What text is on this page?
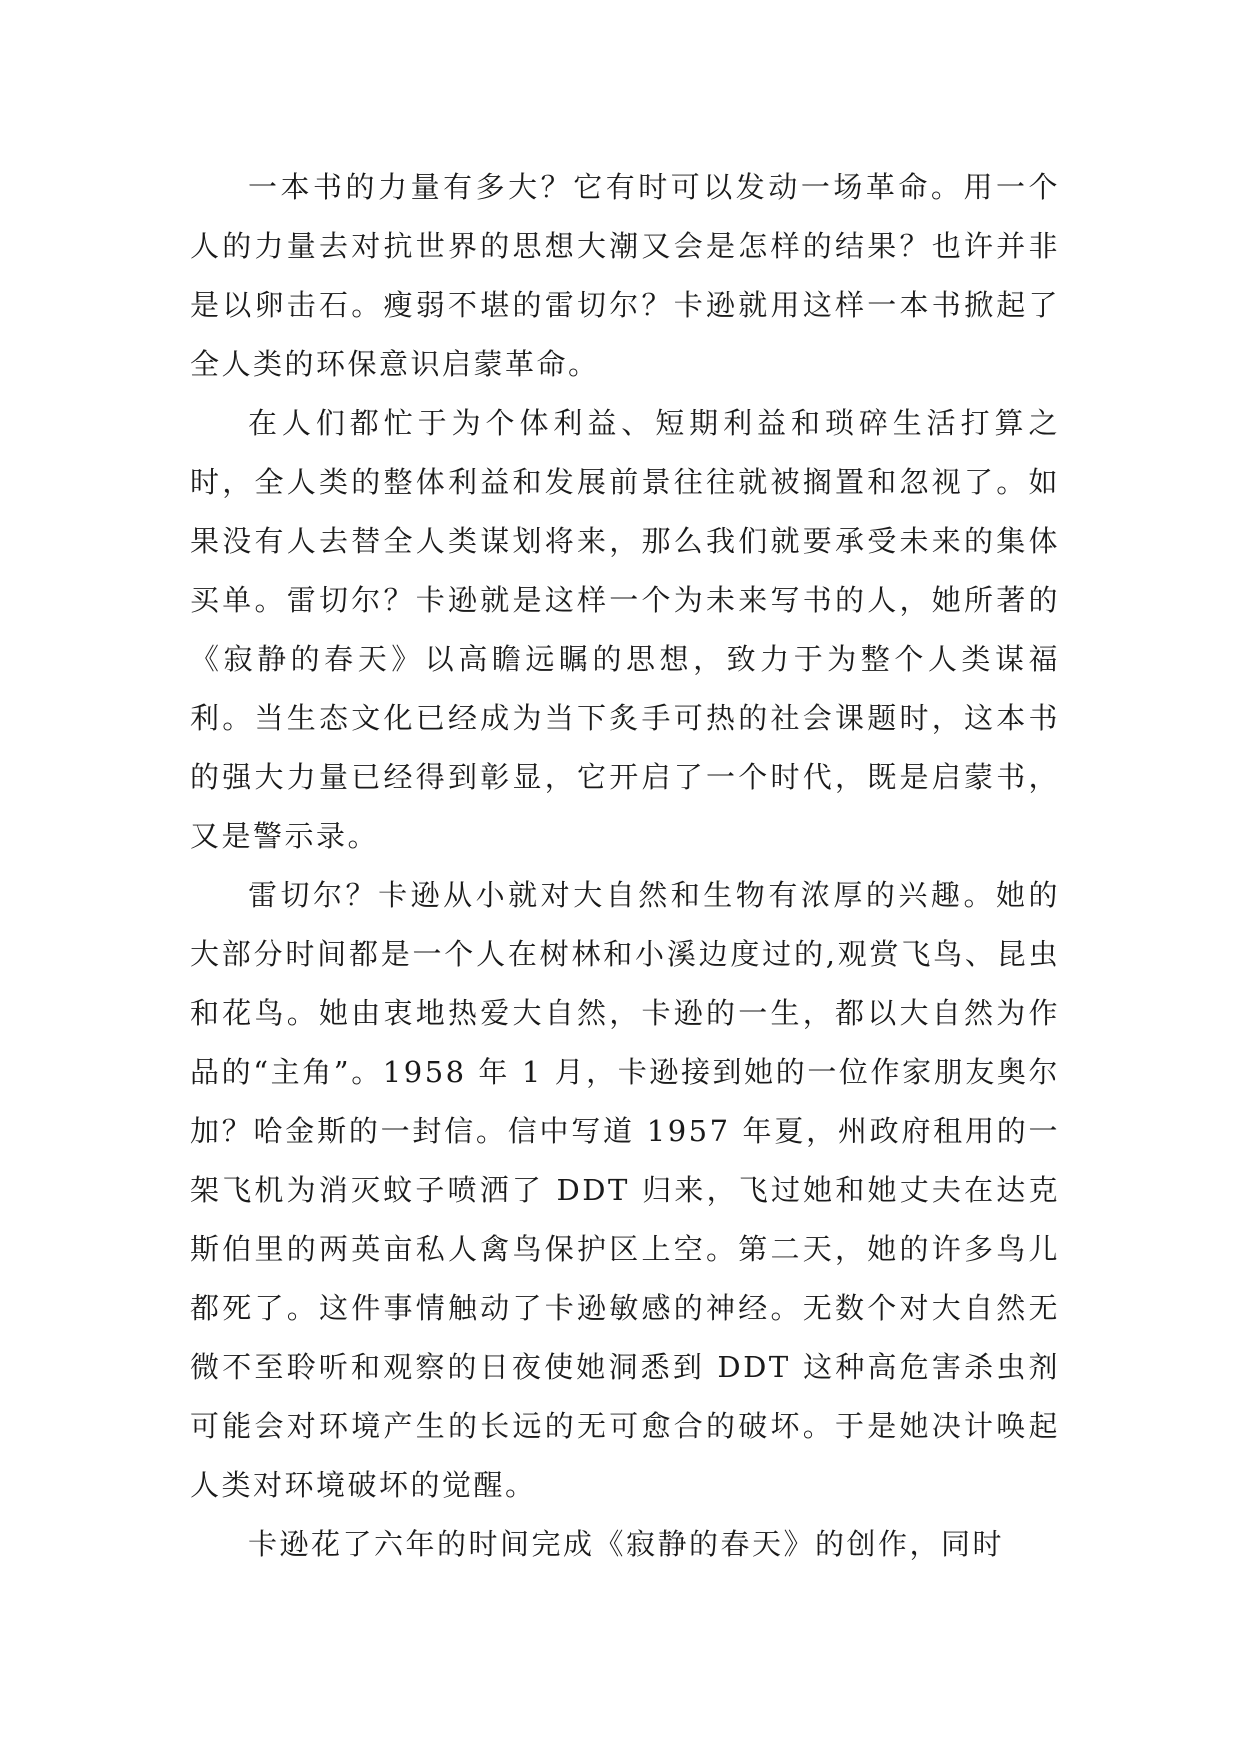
一本书的力量有多大？它有时可以发动一场革命。用一个人的力量去对抗世界的思想大潮又会是怎样的结果？也许并非是以卵击石。瘦弱不堪的雷切尔？卡逊就用这样一本书掀起了全人类的环保意识启蒙革命。

在人们都忙于为个体利益、短期利益和琐碎生活打算之时，全人类的整体利益和发展前景往往就被搁置和忽视了。如果没有人去替全人类谋划将来，那么我们就要承受未来的集体买单。雷切尔？卡逊就是这样一个为未来写书的人，她所著的《寂静的春天》以高瞻远瞩的思想，致力于为整个人类谋福利。当生态文化已经成为当下炙手可热的社会课题时，这本书的强大力量已经得到彰显，它开启了一个时代，既是启蒙书，又是警示录。

雷切尔？卡逊从小就对大自然和生物有浓厚的兴趣。她的大部分时间都是一个人在树林和小溪边度过的,观赏飞鸟、昆虫和花鸟。她由衷地热爱大自然，卡逊的一生，都以大自然为作品的“主角”。1958 年 1 月，卡逊接到她的一位作家朋友奥尔加？哈金斯的一封信。信中写道 1957 年夏，州政府租用的一架飞机为消灭蚊子喷洒了 DDT 归来，飞过她和她丈夫在达克斯伯里的两英亩私人禽鸟保护区上空。第二天，她的许多鸟儿都死了。这件事情触动了卡逊敏感的神经。无数个对大自然无微不至聆听和观察的日夜使她洞悉到 DDT 这种高危害杀虫剂可能会对环境产生的长远的无可愈合的破坏。于是她决计唤起人类对环境破坏的觉醒。

卡逊花了六年的时间完成《寂静的春天》的创作，同时
